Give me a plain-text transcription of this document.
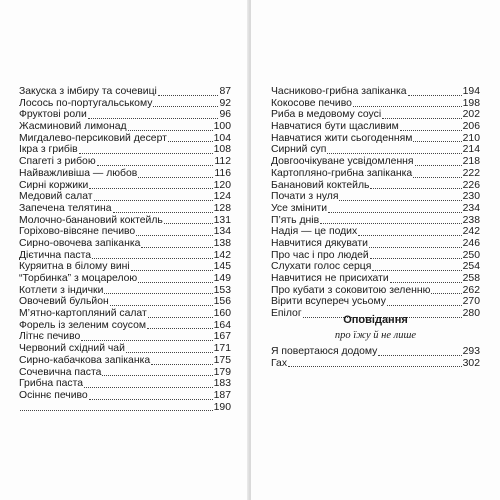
Закуска з імбиру та сочевиці	87
Лосось по-португальському	92
Фруктові роли	96
Жасминовий лимонад	100
Мигдалево-персиковий десерт	104
Ікра з грибів	108
Спагеті з рибою	112
Найважливіша — любов	116
Сирні коржики	120
Медовий салат	124
Запечена телятина	128
Молочно-банановий коктейль	131
Горіхово-вівсяне печиво	134
Сирно-овочева запіканка	138
Дієтична паста	142
Куряитна в білому вині	145
“Торбинка” з моцарелою	149
Котлети з індички	153
Овочевий бульйон	156
М’ятно-картопляний салат	160
Форель із зеленим соусом	164
Літнє печиво	167
Червоний східний чай	171
Сирно-кабачкова запіканка	175
Сочевична паста	179
Грибна паста	183
Осіннє печиво	187
190
Часниково-грибна запіканка	194
Кокосове печиво	198
Риба в медовому соусі	202
Навчатися бути щасливим	206
Навчатися жити сьогоденням	210
Сирний суп	214
Довгоочікуване усвідомлення	218
Картопляно-грибна запіканка	222
Банановий коктейль	226
Почати з нуля	230
Усе змінити	234
П’ять днів	238
Надія — це подих	242
Навчитися дякувати	246
Про час і про людей	250
Слухати голос серця	254
Навчитися не присихати	258
Про кубати з соковитою зеленню	262
Вірити всупереч усьому	270
Епілог	280
Оповідання
про їжу й не лише
Я повертаюся додому	293
Гах	302
